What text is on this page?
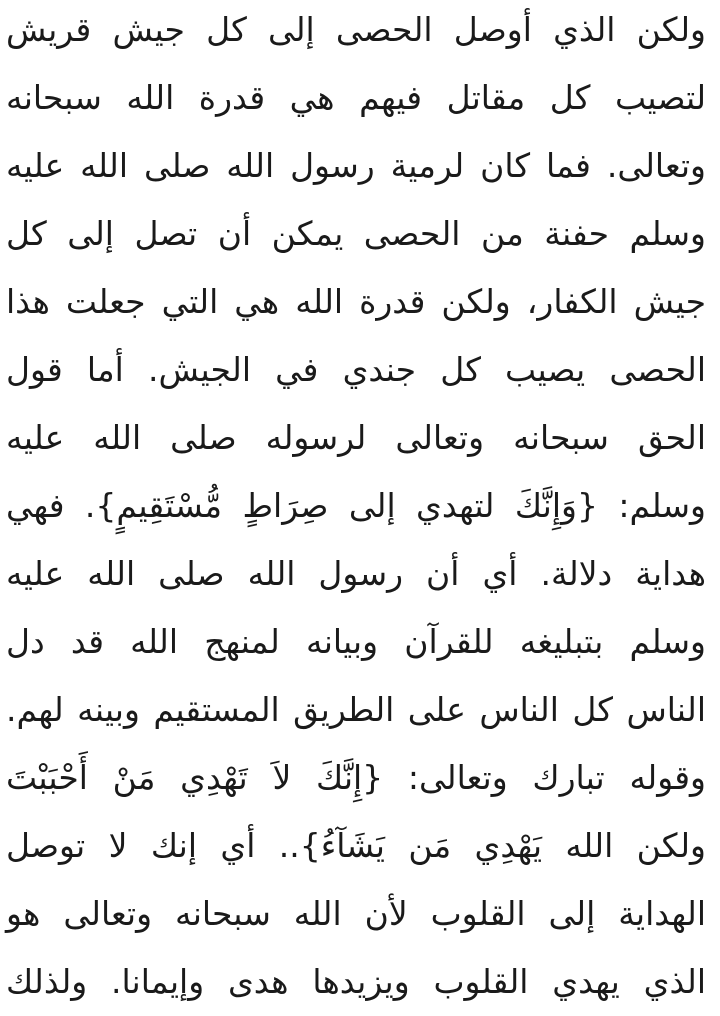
ولكن الذي أوصل الحصى إلى كل جيش قريش
لتصيب كل مقاتل فيهم هي قدرة الله سبحانه
وتعالى. فما كان لرمية رسول الله صلى الله عليه
وسلم حفنة من الحصى يمكن أن تصل إلى كل
جيش الكفار، ولكن قدرة الله هي التي جعلت هذا
الحصى يصيب كل جندي في الجيش. أما قول
الحق سبحانه وتعالى لرسوله صلى الله عليه
وسلم: {وَإِنَّكَ لتهدي إلى صِرَاطٍ مُّسْتَقِيمٍ}. فهي
هداية دلالة. أي أن رسول الله صلى الله عليه
وسلم بتبليغه للقرآن وبيانه لمنهج الله قد دل
الناس كل الناس على الطريق المستقيم وبينه لهم.
وقوله تبارك وتعالى: {إِنَّكَ لاَ تَهْدِي مَنْ أَحْبَبْتَ
ولكن الله يَهْدِي مَن يَشَآءُ}.. أي إنك لا توصل
الهداية إلى القلوب لأن الله سبحانه وتعالى هو
الذي يهدي القلوب ويزيدها هدى وإيمانا. ولذلك
